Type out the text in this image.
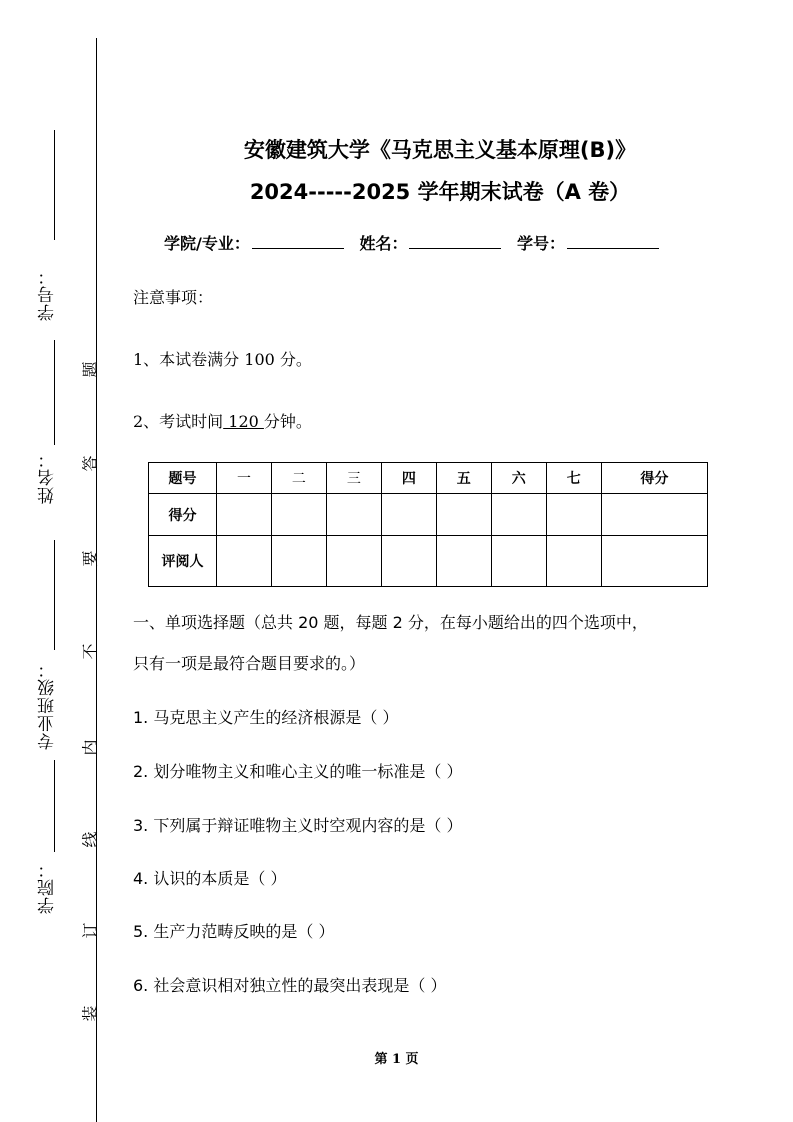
学号：
姓名：
专业班级：
学院：
题
答
要
不
内
线
订
装
安徽建筑大学《马克思主义基本原理(B)》
2024-----2025 学年期末试卷（A 卷）
学院/专业：	姓名：	学号：
注意事项：
1、本试卷满分 100 分。
2、考试时间 120 分钟。
题号	一	二	三	四	五	六	七	得分
得分								
评阅人								
一、单项选择题（总共 20 题，每题 2 分，在每小题给出的四个选项中，
只有一项是最符合题目要求的。）
1. 马克思主义产生的经济根源是（ ）
2. 划分唯物主义和唯心主义的唯一标准是（ ）
3. 下列属于辩证唯物主义时空观内容的是（ ）
4. 认识的本质是（ ）
5. 生产力范畴反映的是（ ）
6. 社会意识相对独立性的最突出表现是（ ）
第 1 页
